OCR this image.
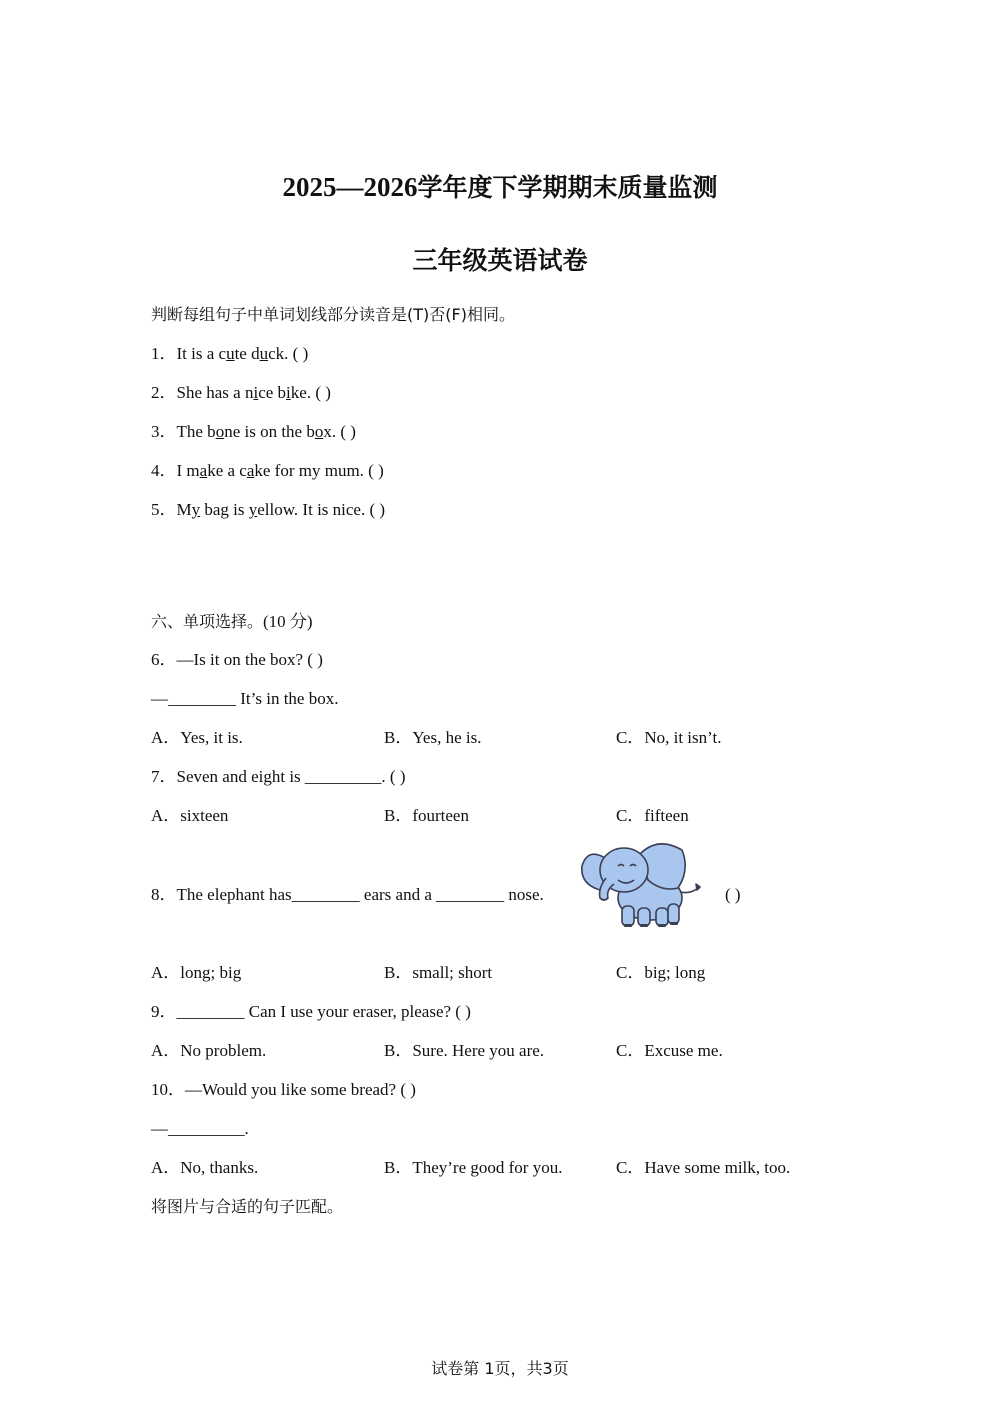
2025—2026学年度下学期期末质量监测
三年级英语试卷
判断每组句子中单词划线部分读音是(T)否(F)相同。
1．It is a cute duck. ( )
2．She has a nice bike. ( )
3．The bone is on the box. ( )
4．I make a cake for my mum. ( )
5．My bag is yellow. It is nice. ( )
六、单项选择。(10 分)
6．—Is it on the box? ( )
—________ It’s in the box.
A．Yes, it is.	B．Yes, he is.	C．No, it isn’t.
7．Seven and eight is _________. ( )
A．sixteen	B．fourteen	C．fifteen
8．The elephant has________ ears and a ________ nose.	( )
A．long; big	B．small; short	C．big; long
9．________ Can I use your eraser, please? ( )
A．No problem.	B．Sure. Here you are.	C．Excuse me.
10．—Would you like some bread? ( )
—_________.
A．No, thanks.	B．They’re good for you.	C．Have some milk, too.
将图片与合适的句子匹配。
试卷第 1页，共3页
